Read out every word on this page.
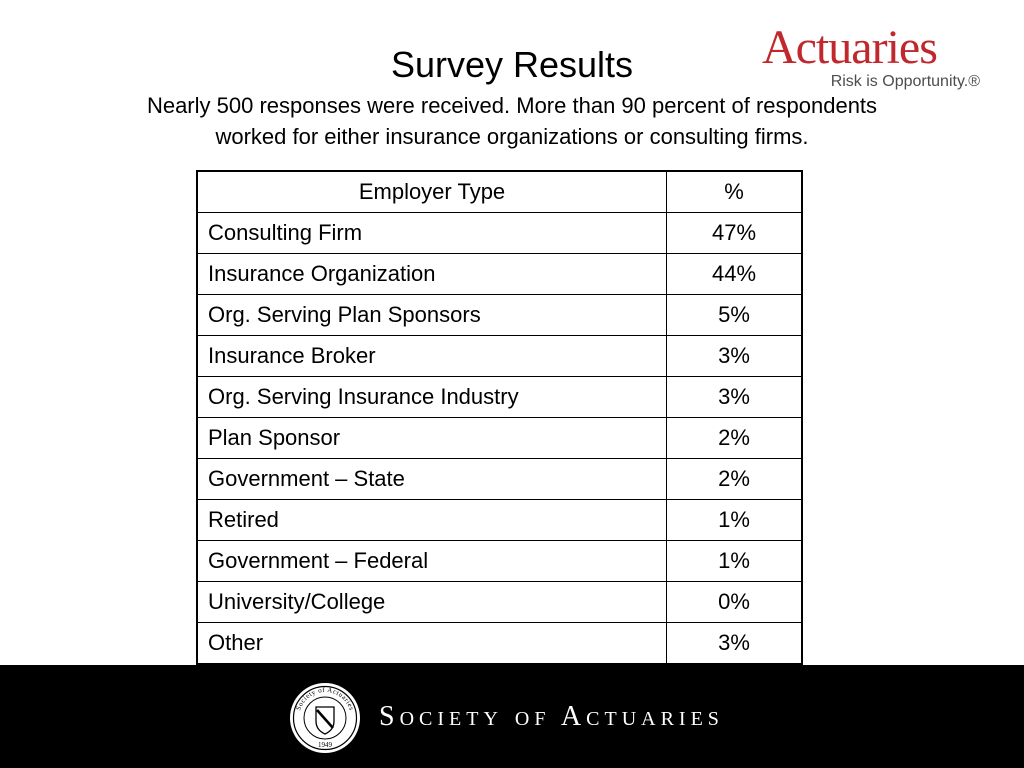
Survey Results
Nearly 500 responses were received. More than 90 percent of respondents
worked for either insurance organizations or consulting firms.
Actuaries
Risk is Opportunity.®
Employer Type	%
Consulting Firm	47%
Insurance Organization	44%
Org. Serving Plan Sponsors	5%
Insurance Broker	3%
Org. Serving Insurance Industry	3%
Plan Sponsor	2%
Government – State	2%
Retired	1%
Government – Federal	1%
University/College	0%
Other	3%
Society of Actuaries
1949
Society of Actuaries
